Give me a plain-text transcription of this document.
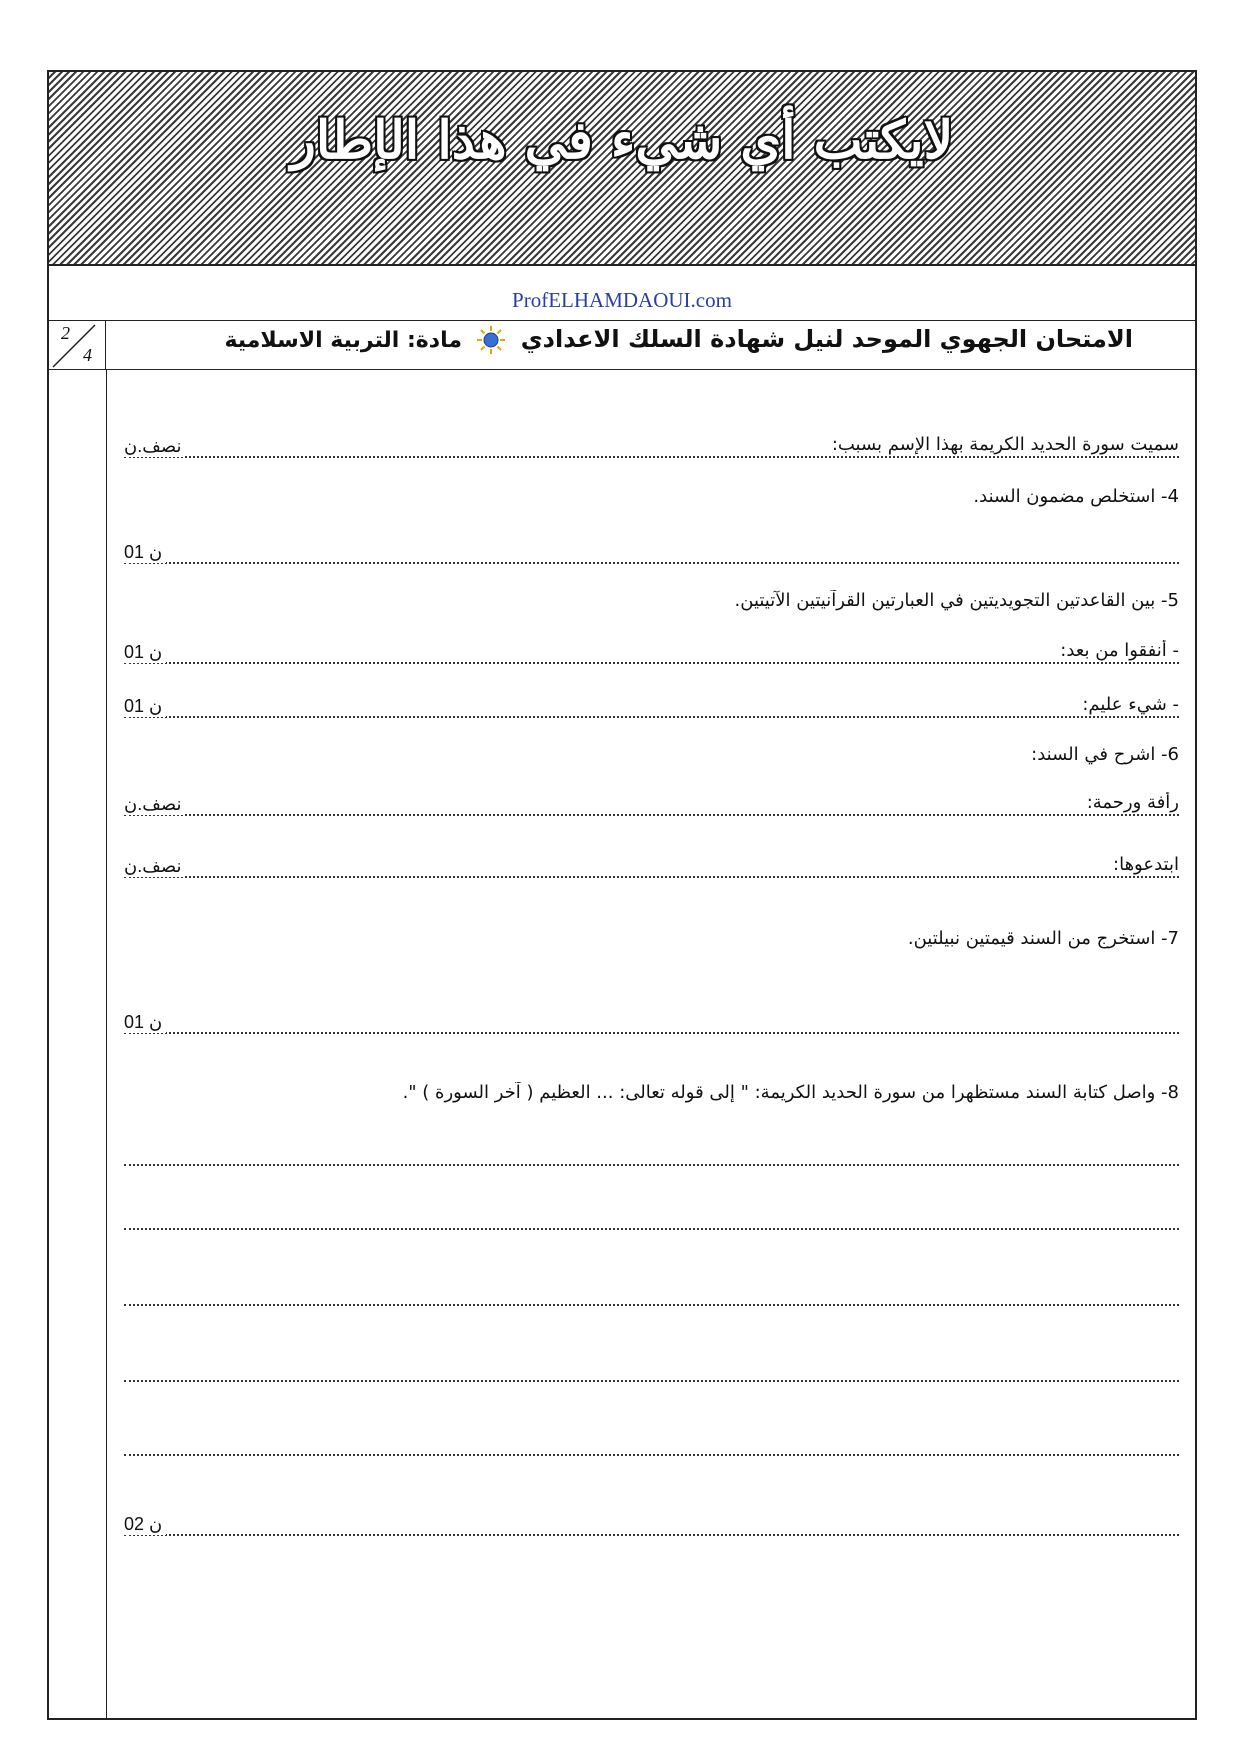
لايكتب أي شيء في هذا الإطار
ProfELHAMDAOUI.com
2
4
الامتحان الجهوي الموحد لنيل شهادة السلك الاعدادي  مادة: التربية الاسلامية
سميت سورة الحديد الكريمة بهذا الإسم بسبب:
نصف.ن
4- استخلص مضمون السند.
01 ن
5- بين القاعدتين التجويديتين في العبارتين القرآنيتين الآتيتين.
- أنفقوا من بعد:
01 ن
- شيء عليم:
01 ن
6- اشرح في السند:
رأفة ورحمة:
نصف.ن
ابتدعوها:
نصف.ن
7- استخرج من السند قيمتين نبيلتين.
01 ن
8- واصل كتابة السند مستظهرا من سورة الحديد الكريمة: " إلى قوله تعالى: ... العظيم ( آخر السورة ) ".
02 ن
